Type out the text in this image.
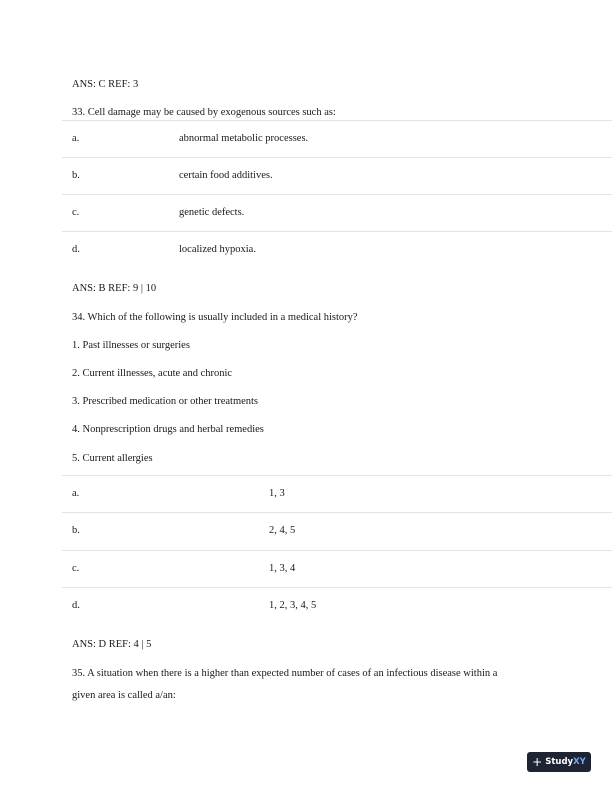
ANS: C REF: 3
33. Cell damage may be caused by exogenous sources such as:
a.	abnormal metabolic processes.
b.	certain food additives.
c.	genetic defects.
d.	localized hypoxia.
ANS: B REF: 9 | 10
34. Which of the following is usually included in a medical history?
1. Past illnesses or surgeries
2. Current illnesses, acute and chronic
3. Prescribed medication or other treatments
4. Nonprescription drugs and herbal remedies
5. Current allergies
a.	1, 3
b.	2, 4, 5
c.	1, 3, 4
d.	1, 2, 3, 4, 5
ANS: D REF: 4 | 5
35. A situation when there is a higher than expected number of cases of an infectious disease within a
given area is called a/an:
+ Study XY
